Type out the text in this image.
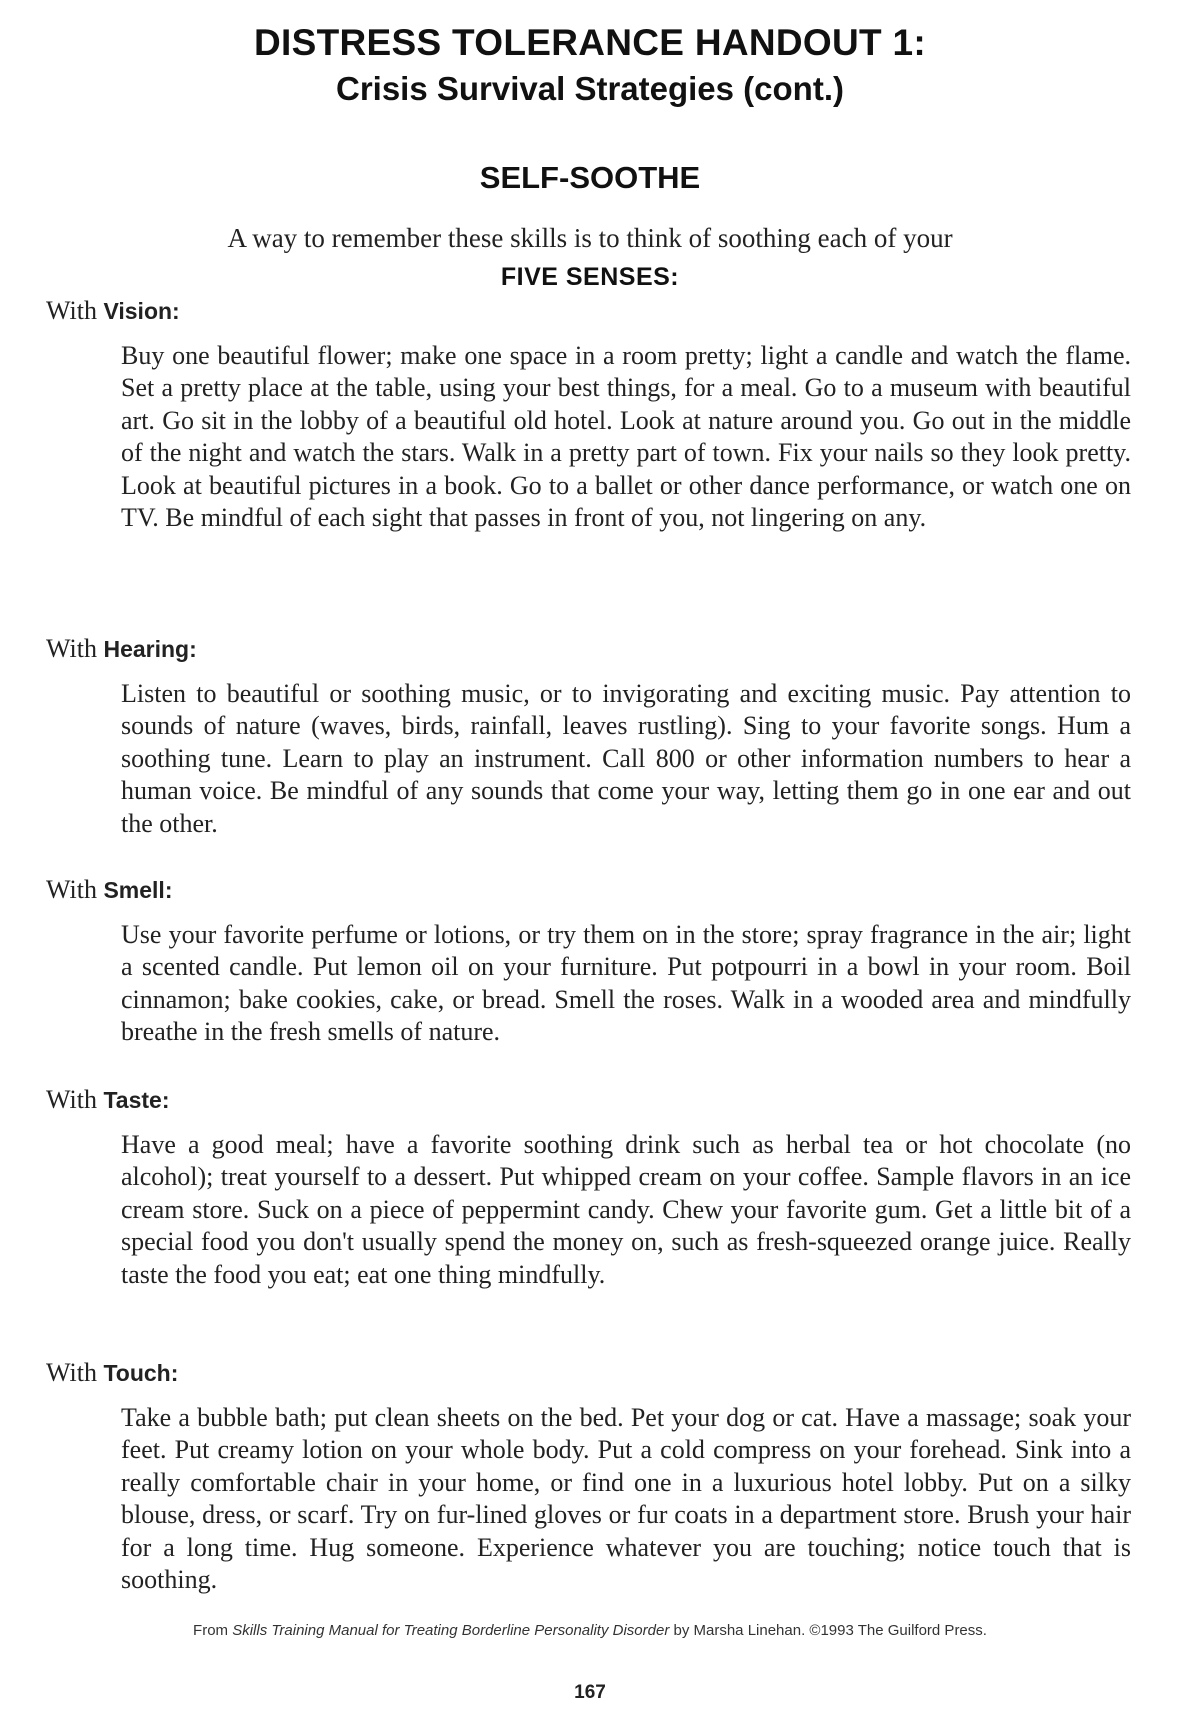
DISTRESS TOLERANCE HANDOUT 1:
Crisis Survival Strategies (cont.)
SELF-SOOTHE
A way to remember these skills is to think of soothing each of your
FIVE SENSES:
With Vision:

Buy one beautiful flower; make one space in a room pretty; light a candle and watch the flame. Set a pretty place at the table, using your best things, for a meal. Go to a museum with beautiful art. Go sit in the lobby of a beautiful old hotel. Look at nature around you. Go out in the middle of the night and watch the stars. Walk in a pretty part of town. Fix your nails so they look pretty. Look at beautiful pictures in a book. Go to a ballet or other dance performance, or watch one on TV. Be mindful of each sight that passes in front of you, not lingering on any.

With Hearing:

Listen to beautiful or soothing music, or to invigorating and exciting music. Pay attention to sounds of nature (waves, birds, rainfall, leaves rustling). Sing to your favorite songs. Hum a soothing tune. Learn to play an instrument. Call 800 or other information numbers to hear a human voice. Be mindful of any sounds that come your way, letting them go in one ear and out the other.

With Smell:

Use your favorite perfume or lotions, or try them on in the store; spray fragrance in the air; light a scented candle. Put lemon oil on your furniture. Put potpourri in a bowl in your room. Boil cinnamon; bake cookies, cake, or bread. Smell the roses. Walk in a wooded area and mindfully breathe in the fresh smells of nature.

With Taste:

Have a good meal; have a favorite soothing drink such as herbal tea or hot chocolate (no alcohol); treat yourself to a dessert. Put whipped cream on your coffee. Sample flavors in an ice cream store. Suck on a piece of peppermint candy. Chew your favorite gum. Get a little bit of a special food you don't usually spend the money on, such as fresh-squeezed orange juice. Really taste the food you eat; eat one thing mindfully.

With Touch:

Take a bubble bath; put clean sheets on the bed. Pet your dog or cat. Have a massage; soak your feet. Put creamy lotion on your whole body. Put a cold compress on your forehead. Sink into a really comfortable chair in your home, or find one in a luxurious hotel lobby. Put on a silky blouse, dress, or scarf. Try on fur-lined gloves or fur coats in a department store. Brush your hair for a long time. Hug someone. Experience whatever you are touching; notice touch that is soothing.

From Skills Training Manual for Treating Borderline Personality Disorder by Marsha Linehan. ©1993 The Guilford Press.
167
